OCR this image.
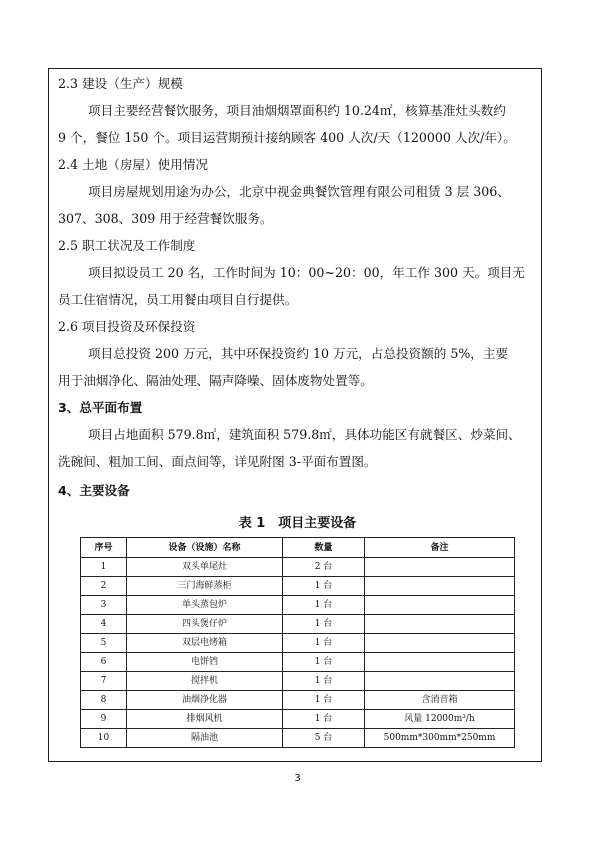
2.3 建设（生产）规模
项目主要经营餐饮服务，项目油烟烟罩面积约 10.24㎡，核算基准灶头数约
9 个，餐位 150 个。项目运营期预计接纳顾客 400 人次/天（120000 人次/年）。
2.4 土地（房屋）使用情况
项目房屋规划用途为办公，北京中视金典餐饮管理有限公司租赁 3 层 306、
307、308、309 用于经营餐饮服务。
2.5 职工状况及工作制度
项目拟设员工 20 名，工作时间为 10：00~20：00，年工作 300 天。项目无
员工住宿情况，员工用餐由项目自行提供。
2.6 项目投资及环保投资
项目总投资 200 万元，其中环保投资约 10 万元，占总投资额的 5%，主要
用于油烟净化、隔油处理、隔声降噪、固体废物处置等。
3、总平面布置
项目占地面积 579.8㎡，建筑面积 579.8㎡，具体功能区有就餐区、炒菜间、
洗碗间、粗加工间、面点间等，详见附图 3-平面布置图。
4、主要设备
表 1　项目主要设备
序号	设备（设施）名称	数量	备注
1	双头单尾灶	2 台	
2	三门海鲜蒸柜	1 台	
3	单头蒸包炉	1 台	
4	四头煲仔炉	1 台	
5	双层电烤箱	1 台	
6	电饼铛	1 台	
7	搅拌机	1 台	
8	油烟净化器	1 台	含消音箱
9	排烟风机	1 台	风量 12000m³/h
10	隔油池	5 台	500mm*300mm*250mm
3
